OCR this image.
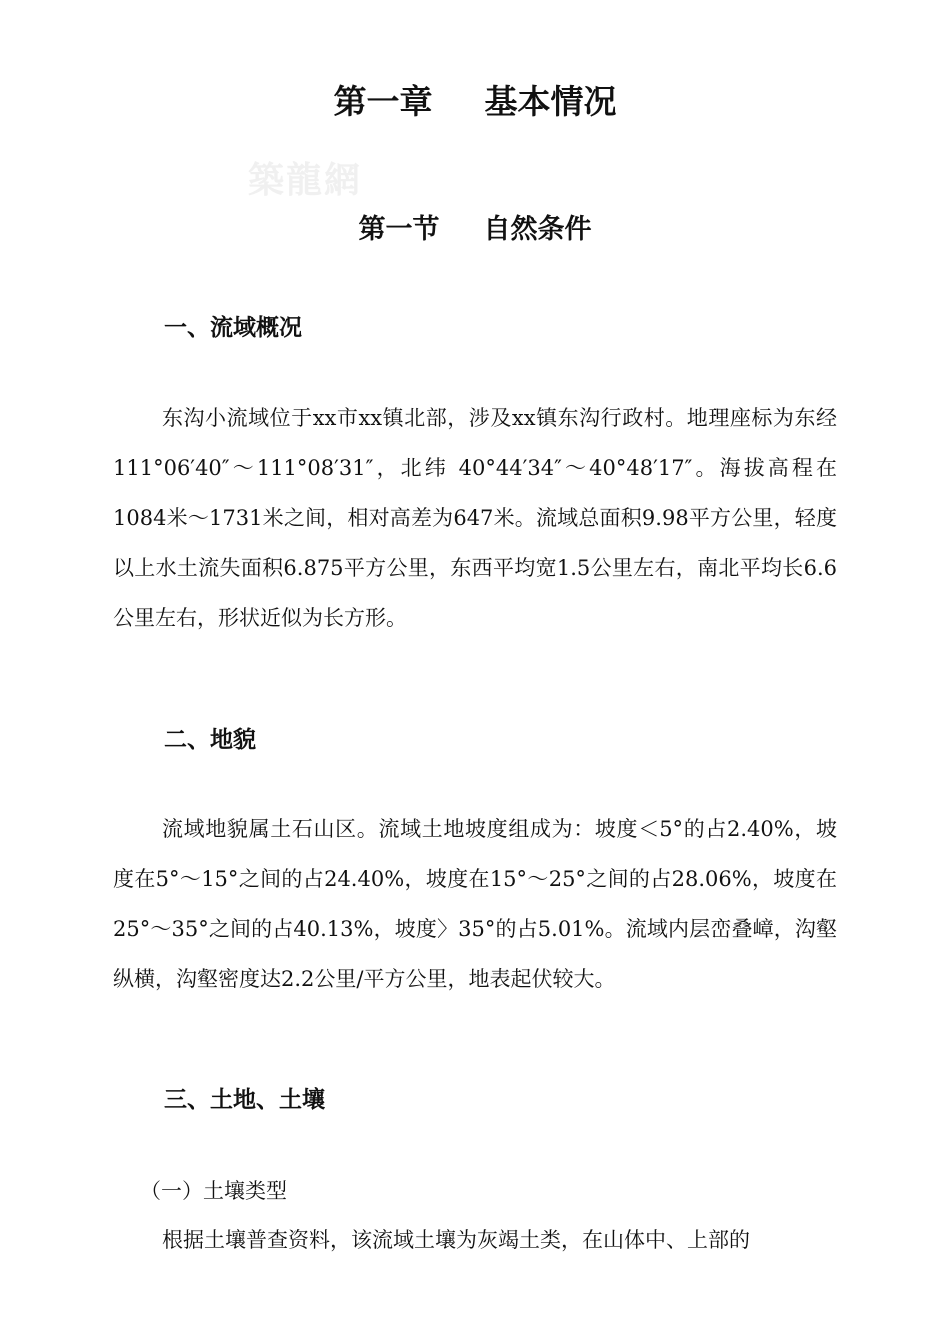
第一章 基本情况
築龍網
第一节 自然条件
一、流域概况
东沟小流域位于xx市xx镇北部，涉及xx镇东沟行政村。地理座标为东经 111°06′40″～111°08′31″，北纬 40°44′34″～40°48′17″。海拔高程在1084米～1731米之间，相对高差为647米。流域总面积9.98平方公里，轻度以上水土流失面积6.875平方公里，东西平均宽1.5公里左右，南北平均长6.6公里左右，形状近似为长方形。
二、地貌
流域地貌属土石山区。流域土地坡度组成为：坡度＜5°的占2.40%，坡度在5°～15°之间的占24.40%，坡度在15°～25°之间的占28.06%，坡度在25°～35°之间的占40.13%，坡度〉35°的占5.01%。流域内层峦叠嶂，沟壑纵横，沟壑密度达2.2公里/平方公里，地表起伏较大。
三、土地、土壤
（一）土壤类型
根据土壤普查资料，该流域土壤为灰竭土类，在山体中、上部的
